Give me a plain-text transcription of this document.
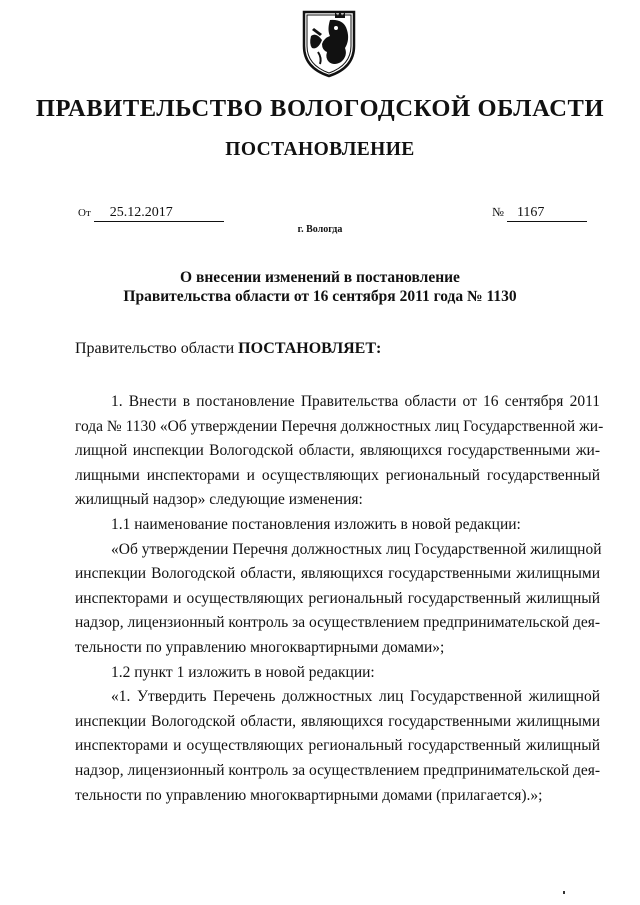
ПРАВИТЕЛЬСТВО ВОЛОГОДСКОЙ ОБЛАСТИ
ПОСТАНОВЛЕНИЕ
От 25.12.2017	№ 1167
г. Вологда
О внесении изменений в постановление
Правительства области от 16 сентября 2011 года № 1130
Правительство области ПОСТАНОВЛЯЕТ:
1. Внести в постановление Правительства области от 16 сентября 2011
года № 1130 «Об утверждении Перечня должностных лиц Государственной жи-
лищной инспекции Вологодской области, являющихся государственными жи-
лищными инспекторами и осуществляющих региональный государственный
жилищный надзор» следующие изменения:
1.1 наименование постановления изложить в новой редакции:
«Об утверждении Перечня должностных лиц Государственной жилищной
инспекции Вологодской области, являющихся государственными жилищными
инспекторами и осуществляющих региональный государственный жилищный
надзор, лицензионный контроль за осуществлением предпринимательской дея-
тельности по управлению многоквартирными домами»;
1.2 пункт 1 изложить в новой редакции:
«1. Утвердить Перечень должностных лиц Государственной жилищной
инспекции Вологодской области, являющихся государственными жилищными
инспекторами и осуществляющих региональный государственный жилищный
надзор, лицензионный контроль за осуществлением предпринимательской дея-
тельности по управлению многоквартирными домами (прилагается).»;
